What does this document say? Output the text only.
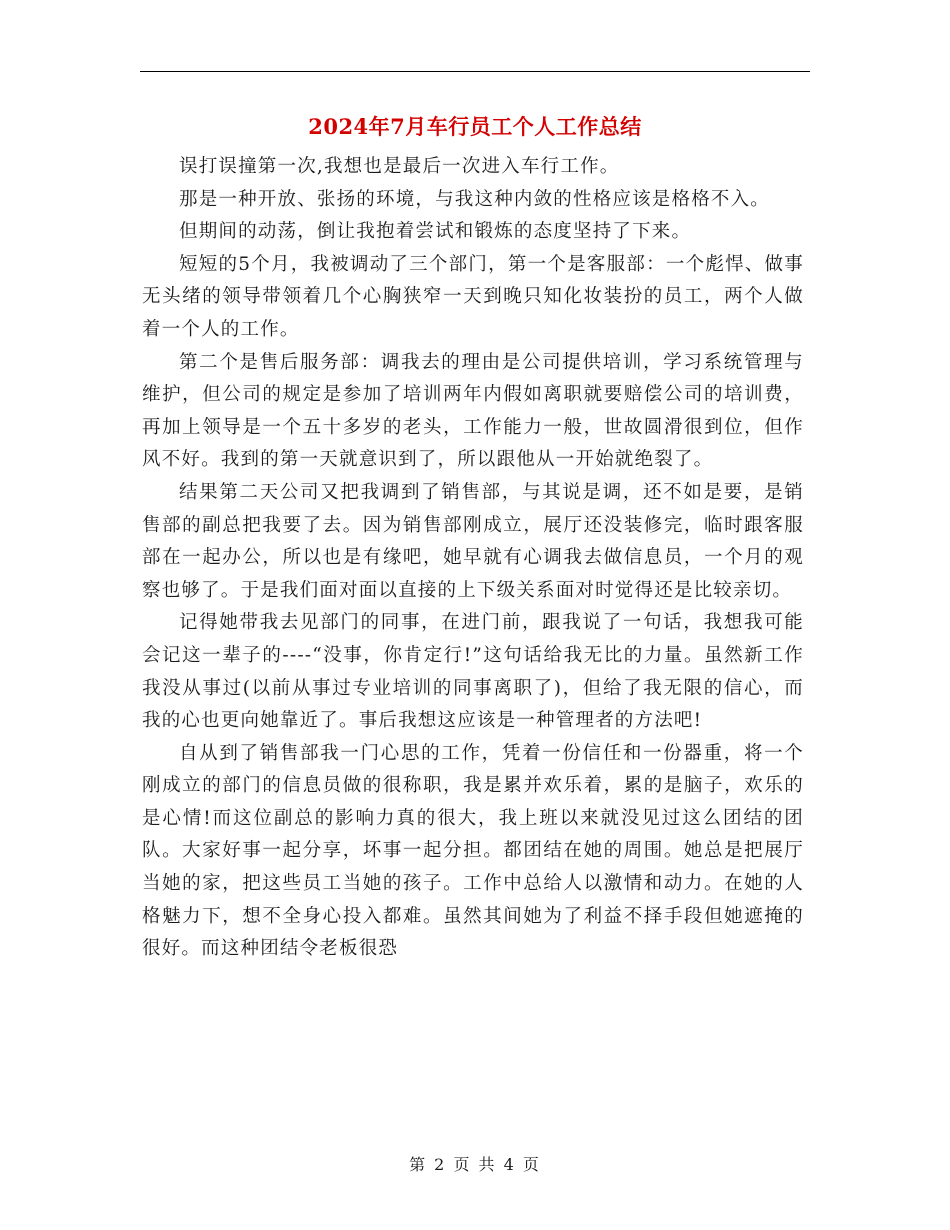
2024年7月车行员工个人工作总结

误打误撞第一次,我想也是最后一次进入车行工作。

那是一种开放、张扬的环境，与我这种内敛的性格应该是格格不入。

但期间的动荡，倒让我抱着尝试和锻炼的态度坚持了下来。

短短的5个月，我被调动了三个部门，第一个是客服部：一个彪悍、做事无头绪的领导带领着几个心胸狭窄一天到晚只知化妆装扮的员工，两个人做着一个人的工作。

第二个是售后服务部：调我去的理由是公司提供培训，学习系统管理与维护，但公司的规定是参加了培训两年内假如离职就要赔偿公司的培训费，再加上领导是一个五十多岁的老头，工作能力一般，世故圆滑很到位，但作风不好。我到的第一天就意识到了，所以跟他从一开始就绝裂了。

结果第二天公司又把我调到了销售部，与其说是调，还不如是要，是销售部的副总把我要了去。因为销售部刚成立，展厅还没装修完，临时跟客服部在一起办公，所以也是有缘吧，她早就有心调我去做信息员，一个月的观察也够了。于是我们面对面以直接的上下级关系面对时觉得还是比较亲切。

记得她带我去见部门的同事，在进门前，跟我说了一句话，我想我可能会记这一辈子的----“没事，你肯定行!”这句话给我无比的力量。虽然新工作我没从事过(以前从事过专业培训的同事离职了)，但给了我无限的信心，而我的心也更向她靠近了。事后我想这应该是一种管理者的方法吧!

自从到了销售部我一门心思的工作，凭着一份信任和一份器重，将一个刚成立的部门的信息员做的很称职，我是累并欢乐着，累的是脑子，欢乐的是心情!而这位副总的影响力真的很大，我上班以来就没见过这么团结的团队。大家好事一起分享，坏事一起分担。都团结在她的周围。她总是把展厅当她的家，把这些员工当她的孩子。工作中总给人以激情和动力。在她的人格魅力下，想不全身心投入都难。虽然其间她为了利益不择手段但她遮掩的很好。而这种团结令老板很恐

第 2 页 共 4 页
